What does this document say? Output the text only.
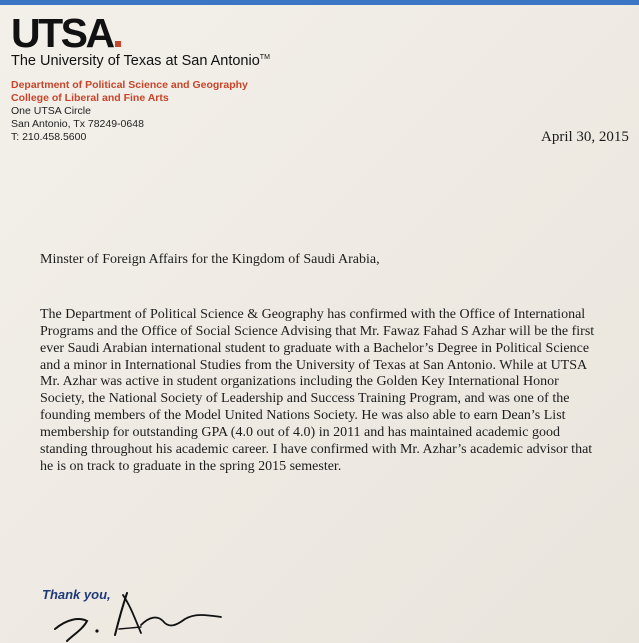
UTSA
The University of Texas at San Antonio™
Department of Political Science and Geography
College of Liberal and Fine Arts
One UTSA Circle
San Antonio, Tx 78249-0648
T: 210.458.5600	April 30, 2015
Minster of Foreign Affairs for the Kingdom of Saudi Arabia,

The Department of Political Science & Geography has confirmed with the Office of International
Programs and the Office of Social Science Advising that Mr. Fawaz Fahad S Azhar will be the first
ever Saudi Arabian international student to graduate with a Bachelor’s Degree in Political Science
and a minor in International Studies from the University of Texas at San Antonio. While at UTSA
Mr. Azhar was active in student organizations including the Golden Key International Honor
Society, the National Society of Leadership and Success Training Program, and was one of the
founding members of the Model United Nations Society. He was also able to earn Dean’s List
membership for outstanding GPA (4.0 out of 4.0) in 2011 and has maintained academic good
standing throughout his academic career. I have confirmed with Mr. Azhar’s academic advisor that
he is on track to graduate in the spring 2015 semester.

Thank you,
